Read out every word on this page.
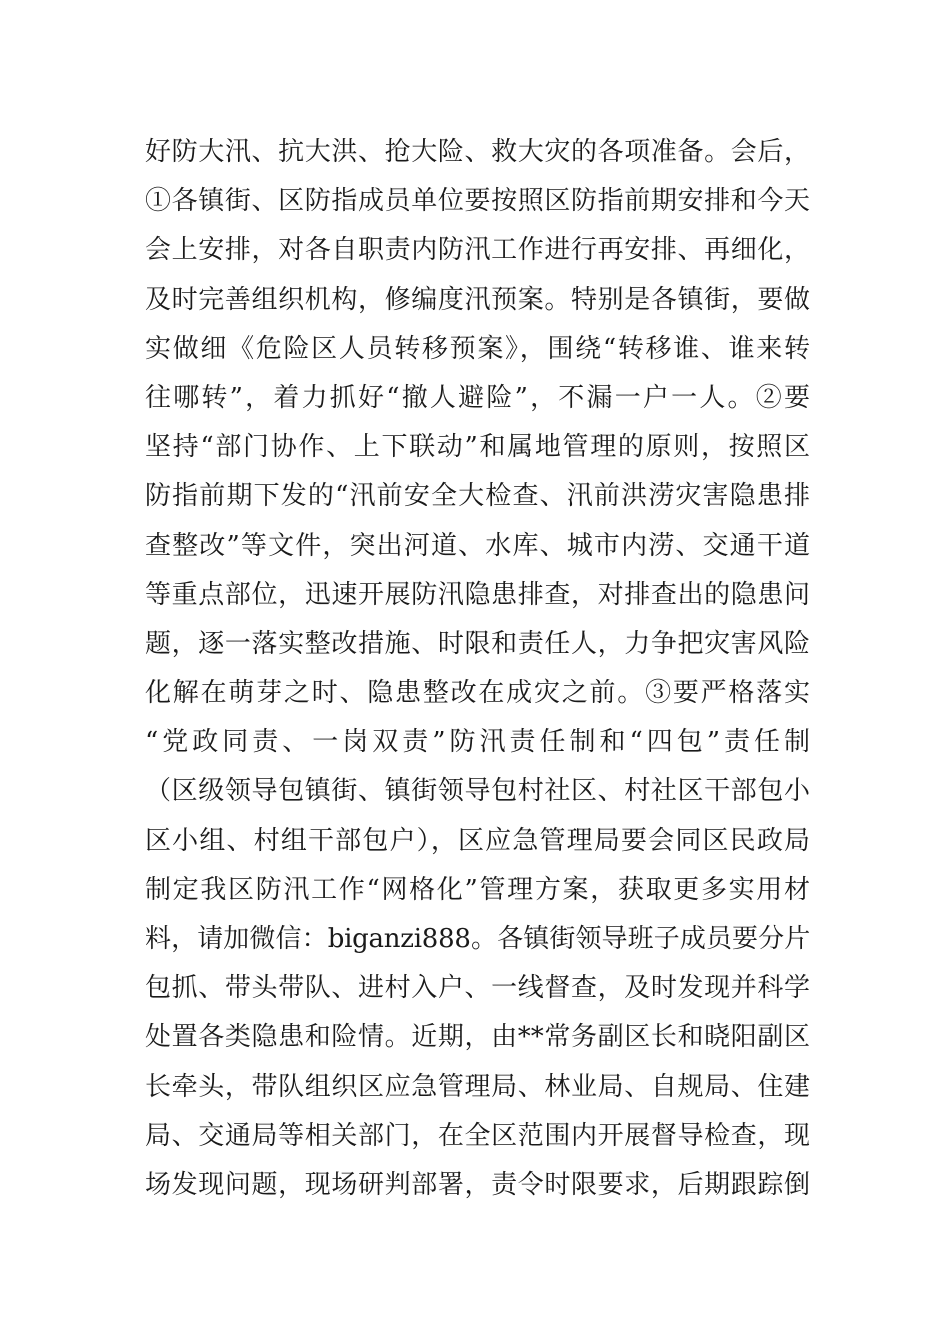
好防大汛、抗大洪、抢大险、救大灾的各项准备。会后，
①各镇街、区防指成员单位要按照区防指前期安排和今天
会上安排，对各自职责内防汛工作进行再安排、再细化，
及时完善组织机构，修编度汛预案。特别是各镇街，要做
实做细《危险区人员转移预案》，围绕“转移谁、谁来转
往哪转”，着力抓好“撤人避险”，不漏一户一人。②要
坚持“部门协作、上下联动”和属地管理的原则，按照区
防指前期下发的“汛前安全大检查、汛前洪涝灾害隐患排
查整改”等文件，突出河道、水库、城市内涝、交通干道
等重点部位，迅速开展防汛隐患排查，对排查出的隐患问
题，逐一落实整改措施、时限和责任人，力争把灾害风险
化解在萌芽之时、隐患整改在成灾之前。③要严格落实
“党政同责、一岗双责”防汛责任制和“四包”责任制
（区级领导包镇街、镇街领导包村社区、村社区干部包小
区小组、村组干部包户），区应急管理局要会同区民政局
制定我区防汛工作“网格化”管理方案，获取更多实用材
料，请加微信：biganzi888。各镇街领导班子成员要分片
包抓、带头带队、进村入户、一线督查，及时发现并科学
处置各类隐患和险情。近期，由**常务副区长和晓阳副区
长牵头，带队组织区应急管理局、林业局、自规局、住建
局、交通局等相关部门，在全区范围内开展督导检查，现
场发现问题，现场研判部署，责令时限要求，后期跟踪倒
